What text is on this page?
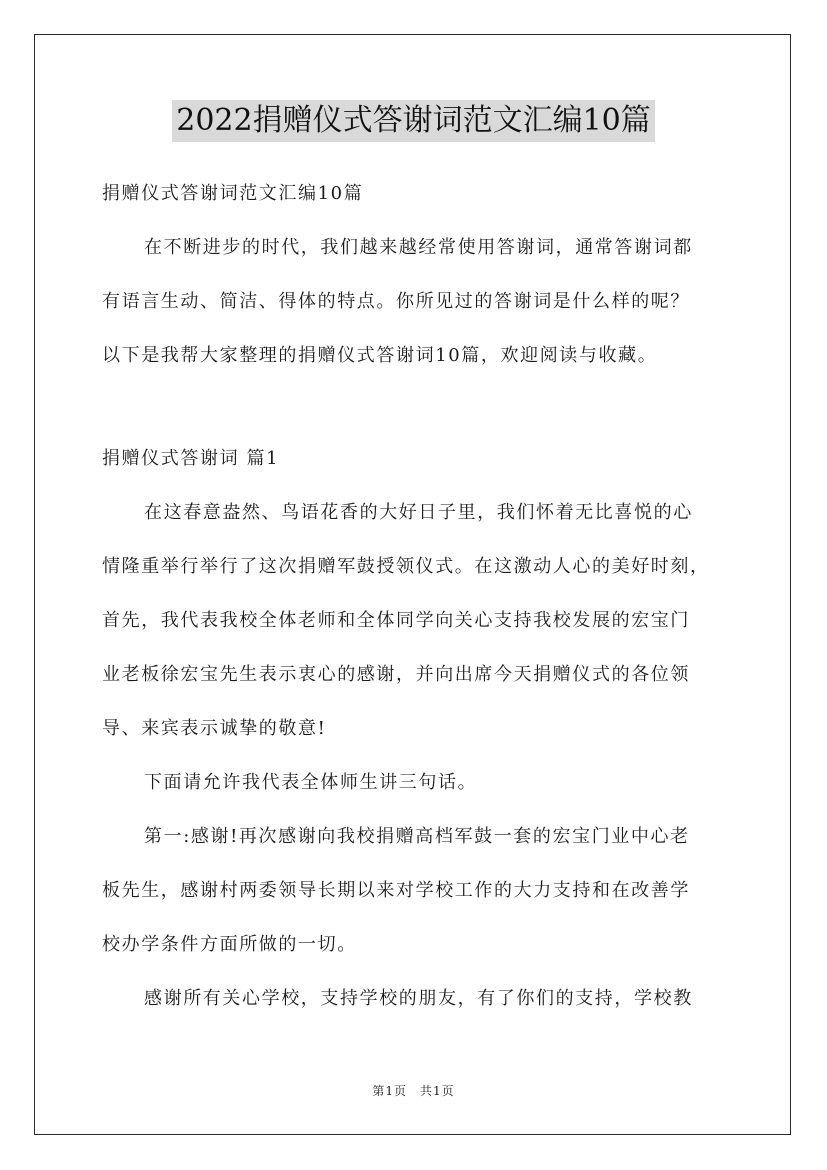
2022捐赠仪式答谢词范文汇编10篇

捐赠仪式答谢词范文汇编10篇

在不断进步的时代，我们越来越经常使用答谢词，通常答谢词都

有语言生动、简洁、得体的特点。你所见过的答谢词是什么样的呢？

以下是我帮大家整理的捐赠仪式答谢词10篇，欢迎阅读与收藏。

捐赠仪式答谢词 篇1

在这春意盎然、鸟语花香的大好日子里，我们怀着无比喜悦的心

情隆重举行举行了这次捐赠军鼓授领仪式。在这激动人心的美好时刻，

首先，我代表我校全体老师和全体同学向关心支持我校发展的宏宝门

业老板徐宏宝先生表示衷心的感谢，并向出席今天捐赠仪式的各位领

导、来宾表示诚挚的敬意!

下面请允许我代表全体师生讲三句话。

第一:感谢!再次感谢向我校捐赠高档军鼓一套的宏宝门业中心老

板先生，感谢村两委领导长期以来对学校工作的大力支持和在改善学

校办学条件方面所做的一切。

感谢所有关心学校，支持学校的朋友，有了你们的支持，学校教

第1页　共1页
